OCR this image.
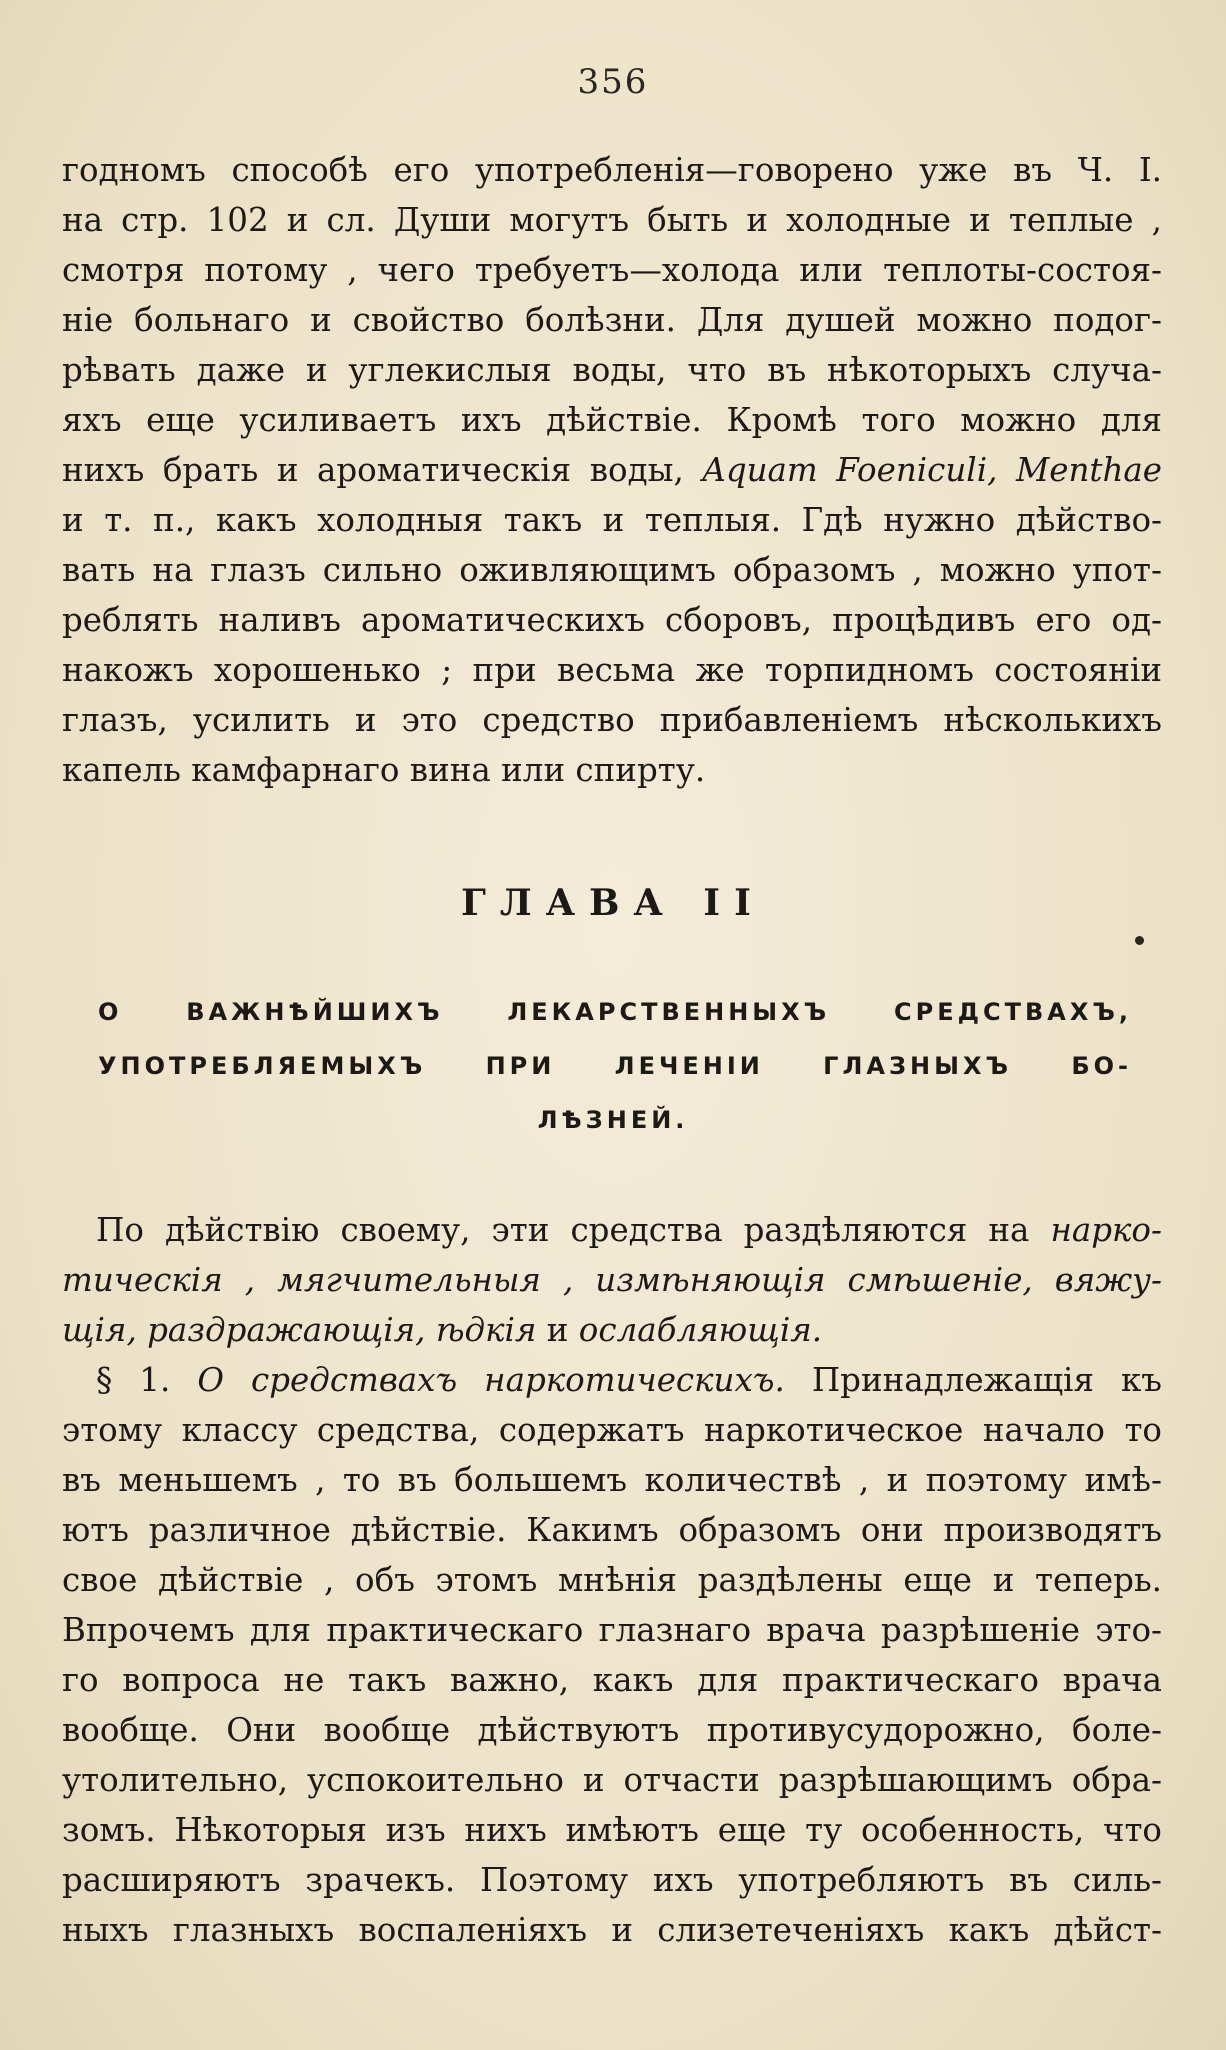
356
годномъ способѣ его употребленія—говорено уже въ Ч. I.
на стр. 102 и сл. Души могутъ быть и холодные и теплые ,
смотря потому , чего требуетъ—холода или теплоты-состоя-
ніе больнаго и свойство болѣзни. Для душей можно подог-
рѣвать даже и углекислыя воды, что въ нѣкоторыхъ случа-
яхъ еще усиливаетъ ихъ дѣйствіе. Кромѣ того можно для
нихъ брать и ароматическія воды, Aquam Foeniculi, Menthae
и т. п., какъ холодныя такъ и теплыя. Гдѣ нужно дѣйство-
вать на глазъ сильно оживляющимъ образомъ , можно упот-
реблять наливъ ароматическихъ сборовъ, процѣдивъ его од-
накожъ хорошенько ; при весьма же торпидномъ состояніи
глазъ, усилить и это средство прибавленіемъ нѣсколькихъ
капель камфарнаго вина или спирту.
ГЛАВА II
О ВАЖНѢЙШИХЪ ЛЕКАРСТВЕННЫХЪ СРЕДСТВАХЪ,
УПОТРЕБЛЯЕМЫХЪ ПРИ ЛЕЧЕНІИ ГЛАЗНЫХЪ БО-
ЛѢЗНЕЙ.
По дѣйствію своему, эти средства раздѣляются на нарко-
тическія , мягчительныя , измѣняющія смѣшеніе, вяжу-
щія, раздражающія, ѣдкія и ослабляющія.
§ 1. О средствахъ наркотическихъ. Принадлежащія къ
этому классу средства, содержатъ наркотическое начало то
въ меньшемъ , то въ большемъ количествѣ , и поэтому имѣ-
ютъ различное дѣйствіе. Какимъ образомъ они производятъ
свое дѣйствіе , объ этомъ мнѣнія раздѣлены еще и теперь.
Впрочемъ для практическаго глазнаго врача разрѣшеніе это-
го вопроса не такъ важно, какъ для практическаго врача
вообще. Они вообще дѣйствуютъ противусудорожно, боле-
утолительно, успокоительно и отчасти разрѣшающимъ обра-
зомъ. Нѣкоторыя изъ нихъ имѣютъ еще ту особенность, что
расширяютъ зрачекъ. Поэтому ихъ употребляютъ въ силь-
ныхъ глазныхъ воспаленіяхъ и слизетеченіяхъ какъ дѣйст-
